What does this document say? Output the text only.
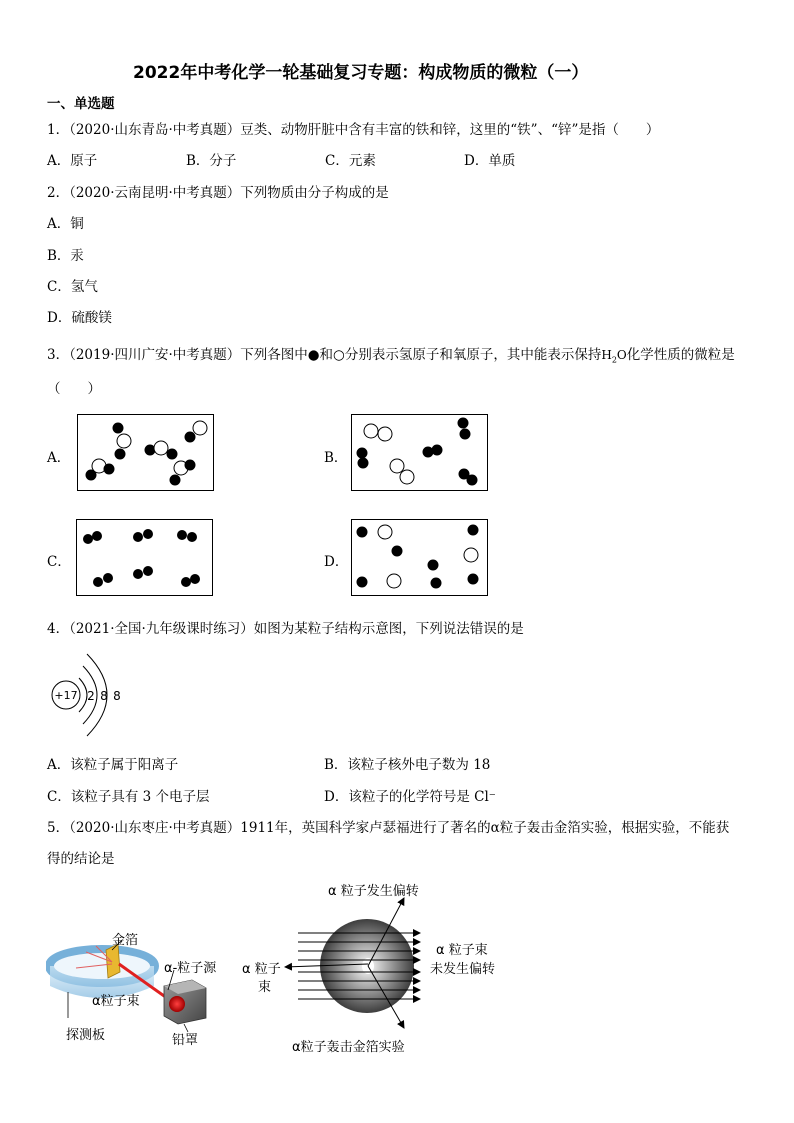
2022年中考化学一轮基础复习专题：构成物质的微粒（一）
一、单选题
1．（2020·山东青岛·中考真题）豆类、动物肝脏中含有丰富的铁和锌，这里的“铁”、“锌”是指（　　）
A．原子	B．分子	C．元素	D．单质
2．（2020·云南昆明·中考真题）下列物质由分子构成的是
A．铜
B．汞
C．氢气
D．硫酸镁
3．（2019·四川广安·中考真题）下列各图中●和○分别表示氢原子和氧原子，其中能表示保持$H_2O$化学性质的微粒是
（　　）
A．	B．
C．	D．
4．（2021·全国·九年级课时练习）如图为某粒子结构示意图，下列说法错误的是
+17 2 8 8
A．该粒子属于阳离子	B．该粒子核外电子数为 18
C．该粒子具有 3 个电子层	D．该粒子的化学符号是 Cl⁻
5．（2020·山东枣庄·中考真题）1911年，英国科学家卢瑟福进行了著名的α粒子轰击金箔实验，根据实验，不能获
得的结论是
金箔
α-粒子源
α粒子束
探测板	铅罩
α 粒子发生偏转
α 粒子
束
α 粒子束
未发生偏转
α粒子轰击金箔实验
